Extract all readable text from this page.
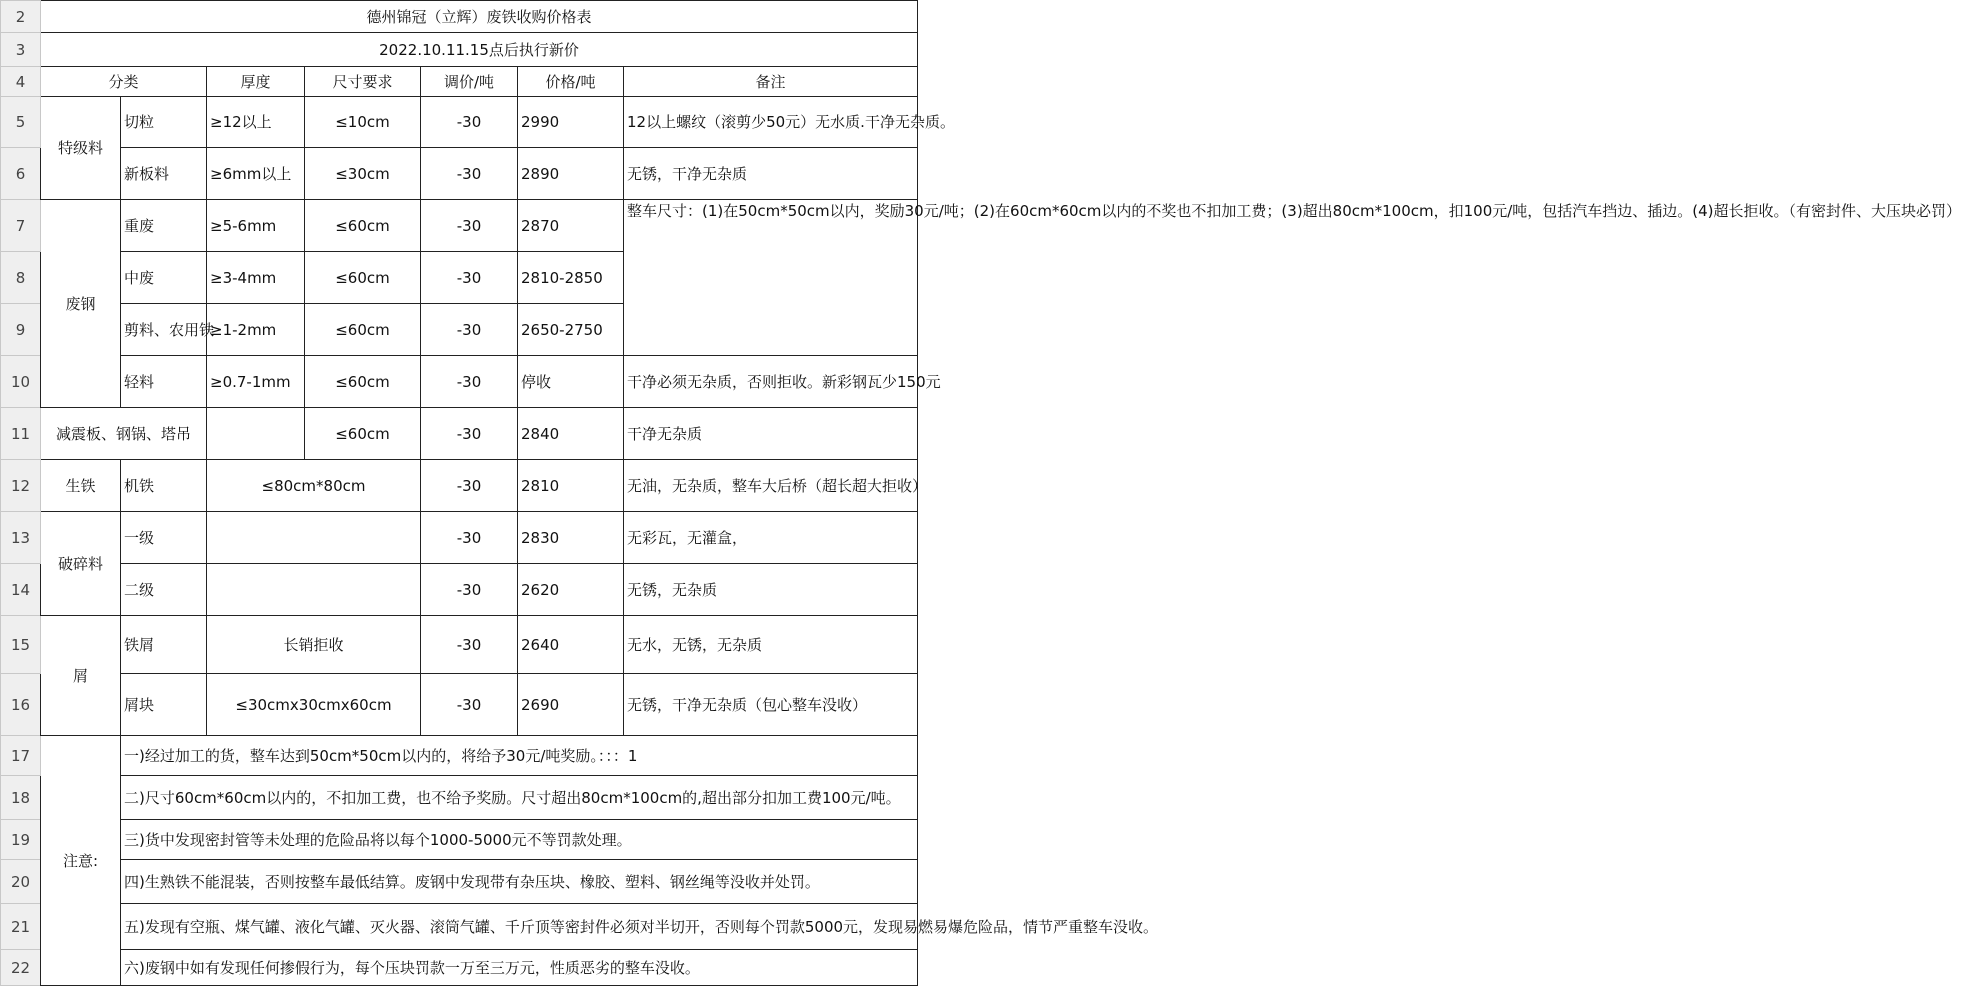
2	德州锦冠（立辉）废铁收购价格表						
3	2022.10.11.15点后执行新价						
4	分类		厚度	尺寸要求	调价/吨	价格/吨	备注
5	特级料	切粒	≥12以上	≤10cm	-30	2990	12以上螺纹（滚剪少50元）无水质.干净无杂质。
6		新板料	≥6mm以上	≤30cm	-30	2890	无锈，干净无杂质
7	废钢	重废	≥5-6mm	≤60cm	-30	2870	整车尺寸：(1)在50cm*50cm以内，奖励30元/吨；(2)在60cm*60cm以内的不奖也不扣加工费；(3)超出80cm*100cm，扣100元/吨，包括汽车挡边、插边。(4)超长拒收。（有密封件、大压块必罚）
8		中废	≥3-4mm	≤60cm	-30	2810-2850	
9		剪料、农用铁	≥1-2mm	≤60cm	-30	2650-2750	
10		轻料	≥0.7-1mm	≤60cm	-30	停收	干净必须无杂质，否则拒收。新彩钢瓦少150元
11	减震板、钢锅、塔吊			≤60cm	-30	2840	干净无杂质
12	生铁	机铁	≤80cm*80cm		-30	2810	无油，无杂质，整车大后桥（超长超大拒收）
13	破碎料	一级			-30	2830	无彩瓦，无灌盒，
14		二级			-30	2620	无锈，无杂质
15	屑	铁屑	长销拒收		-30	2640	无水，无锈，无杂质
16		屑块	≤30cmx30cmx60cm		-30	2690	无锈，干净无杂质（包心整车没收）
17	注意:	一)经过加工的货，整车达到50cm*50cm以内的，将给予30元/吨奖励。：：：1					
18		二)尺寸60cm*60cm以内的，不扣加工费，也不给予奖励。尺寸超出80cm*100cm的,超出部分扣加工费100元/吨。					
19		三)货中发现密封管等未处理的危险品将以每个1000-5000元不等罚款处理。					
20		四)生熟铁不能混装，否则按整车最低结算。废钢中发现带有杂压块、橡胶、塑料、钢丝绳等没收并处罚。					
21		五)发现有空瓶、煤气罐、液化气罐、灭火器、滚筒气罐、千斤顶等密封件必须对半切开，否则每个罚款5000元，发现易燃易爆危险品，情节严重整车没收。					
22		六)废钢中如有发现任何掺假行为，每个压块罚款一万至三万元，性质恶劣的整车没收。					
